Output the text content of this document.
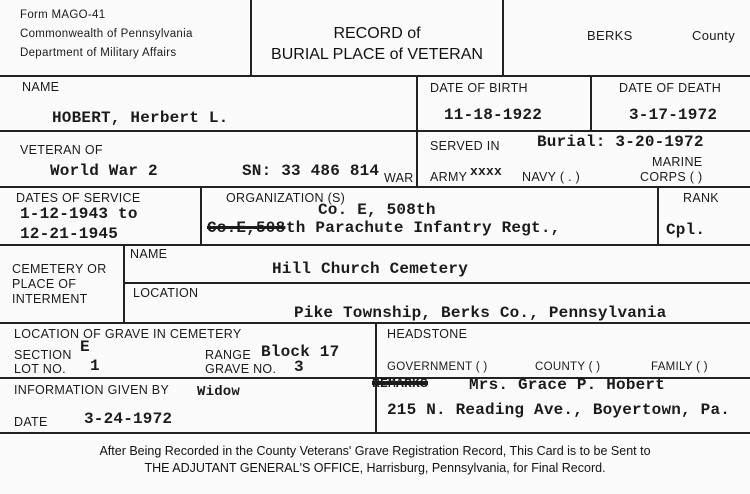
Form MAGO-41
Commonwealth of Pennsylvania
Department of Military Affairs
RECORD of
BURIAL PLACE of VETERAN
BERKS	County
NAME
HOBERT, Herbert L.
DATE OF BIRTH
11-18-1922
DATE OF DEATH
3-17-1972
VETERAN OF
World War 2	SN: 33 486 814 WAR
SERVED IN Burial: 3-20-1972
ARMY xxxx NAVY ( . )
MARINE
CORPS ( )
DATES OF SERVICE
1-12-1943 to
12-21-1945
ORGANIZATION (S)
Co. E, 508th
Co.E,508 th Parachute Infantry Regt.,
RANK
Cpl.
CEMETERY OR
PLACE OF
INTERMENT
NAME
Hill Church Cemetery
LOCATION
Pike Township, Berks Co., Pennsylvania
LOCATION OF GRAVE IN CEMETERY
SECTION E
LOT NO. 1
RANGE Block 17
GRAVE NO. 3
HEADSTONE
GOVERNMENT ( )	COUNTY ( )	FAMILY ( )
INFORMATION GIVEN BY Widow
DATE 3-24-1972
REMARKS	Mrs. Grace P. Hobert
215 N. Reading Ave., Boyertown, Pa.
After Being Recorded in the County Veterans' Grave Registration Record, This Card is to be Sent to
THE ADJUTANT GENERAL'S OFFICE, Harrisburg, Pennsylvania, for Final Record.
